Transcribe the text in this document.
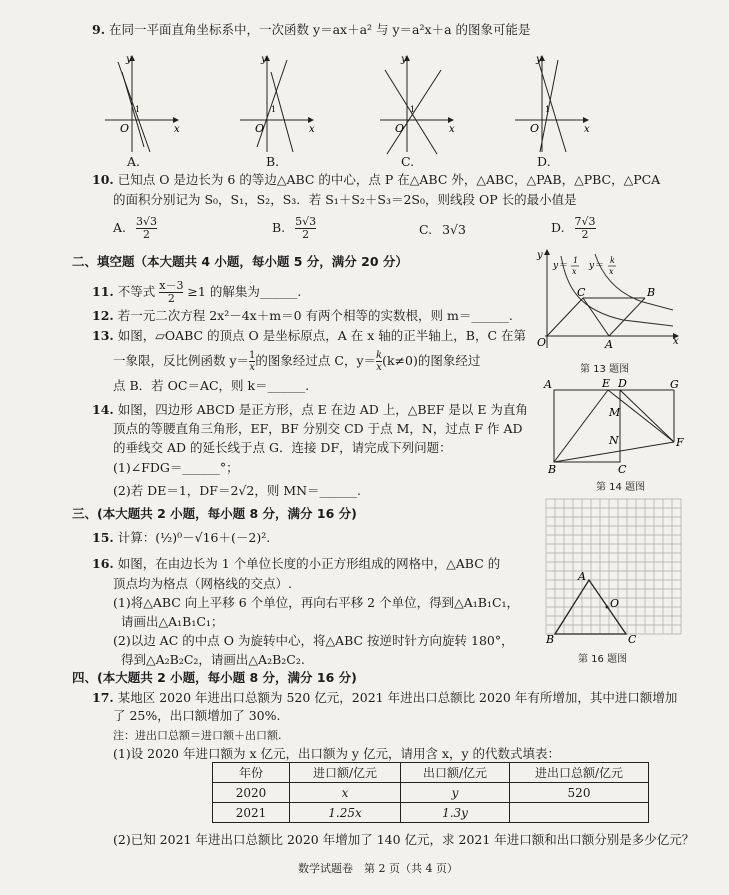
9. 在同一平面直角坐标系中，一次函数 y＝ax＋a² 与 y＝a²x＋a 的图象可能是
y
x
O
1
y
x
O
1
y
x
O
1
y
x
O
1
A.	B.	C.	D.
10. 已知点 O 是边长为 6 的等边△ABC 的中心，点 P 在△ABC 外，△ABC，△PAB，△PBC，△PCA
的面积分别记为 S₀，S₁，S₂，S₃．若 S₁＋S₂＋S₃＝2S₀，则线段 OP 长的最小值是
A. $\frac{3√3}{2}$	B. $\frac{5√3}{2}$	C. 3√3	D. $\frac{7√3}{2}$
二、填空题（本大题共 4 小题，每小题 5 分，满分 20 分）
11. 不等式 $\frac{x-3}{2} \ge 1$ 的解集为______.
12. 若一元二次方程 2x²－4x＋m＝0 有两个相等的实数根，则 m＝______.
13. 如图，▱OABC 的顶点 O 是坐标原点，A 在 x 轴的正半轴上，B，C 在第
一象限，反比例函数 $y= \frac{1}{x}$ 的图象经过点 C，$y= \frac{k}{x} (k\ne 0)$的图象经过
点 B．若 OC＝AC，则 k＝______.
O	A
B
C
x
y
y＝
1
x
y＝
k
x
第 13 题图
14. 如图，四边形 ABCD 是正方形，点 E 在边 AD 上，△BEF 是以 E 为直角
顶点的等腰直角三角形，EF，BF 分别交 CD 于点 M，N，过点 F 作 AD
的垂线交 AD 的延长线于点 G．连接 DF，请完成下列问题：
(1)∠FDG＝______°；
(2)若 DE＝1，DF＝2√2，则 MN＝______.
A	E D	G
M
N	F
B	C
第 14 题图
三、(本大题共 2 小题，每小题 8 分，满分 16 分)
15. 计算：(½)⁰－√16＋(－2)².
16. 如图，在由边长为 1 个单位长度的小正方形组成的网格中，△ABC 的
顶点均为格点（网格线的交点）.
(1)将△ABC 向上平移 6 个单位，再向右平移 2 个单位，得到△A₁B₁C₁，
请画出△A₁B₁C₁；
(2)以边 AC 的中点 O 为旋转中心，将△ABC 按逆时针方向旋转 180°，
得到△A₂B₂C₂，请画出△A₂B₂C₂.
A
B	C
O
第 16 题图
四、(本大题共 2 小题，每小题 8 分，满分 16 分)
17. 某地区 2020 年进出口总额为 520 亿元，2021 年进出口总额比 2020 年有所增加，其中进口额增加
了 25%，出口额增加了 30%.
注：进出口总额＝进口额＋出口额.
(1)设 2020 年进口额为 x 亿元，出口额为 y 亿元，请用含 x，y 的代数式填表：
年份	进口额/亿元	出口额/亿元	进出口总额/亿元
2020	x	y	520
2021	1.25x	1.3y	
(2)已知 2021 年进出口总额比 2020 年增加了 140 亿元，求 2021 年进口额和出口额分别是多少亿元？
数学试题卷　第 2 页（共 4 页）
